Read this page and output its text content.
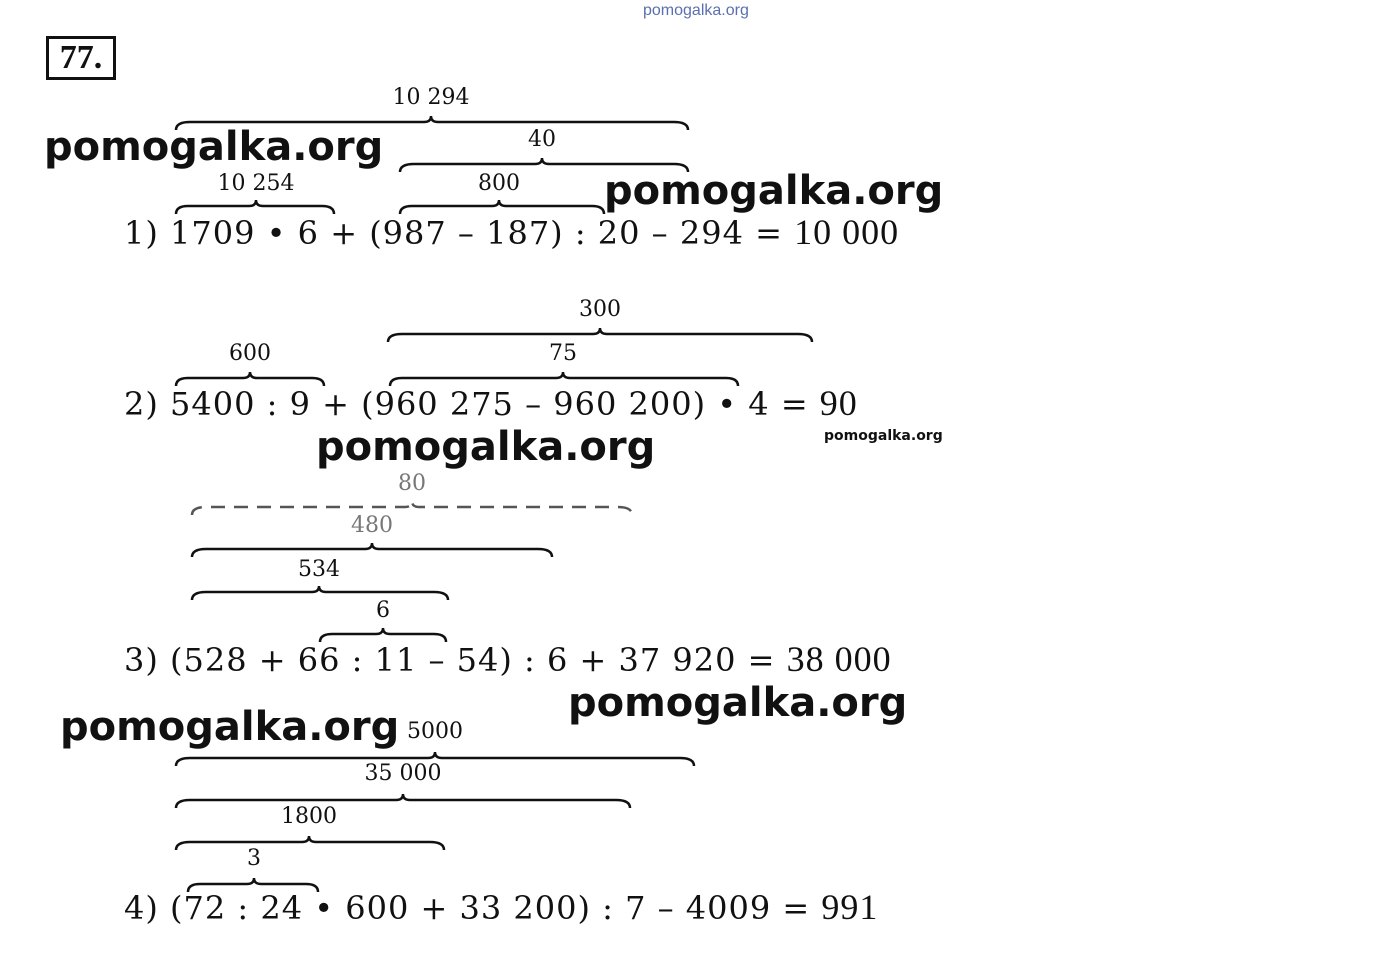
pomogalka.org
77.
10 294
40
10 254	800
300
600	75
80
480
534
6
5000
35 000
1800
3
1) 1709 • 6 + (987 – 187) : 20 – 294 = 10 000
2) 5400 : 9 + (960 275 – 960 200) • 4 = 90
3) (528 + 66 : 11 – 54) : 6 + 37 920 = 38 000
4) (72 : 24 • 600 + 33 200) : 7 – 4009 = 991
pomogalka.org
pomogalka.org
pomogalka.org	pomogalka.org
pomogalka.org
pomogalka.org
